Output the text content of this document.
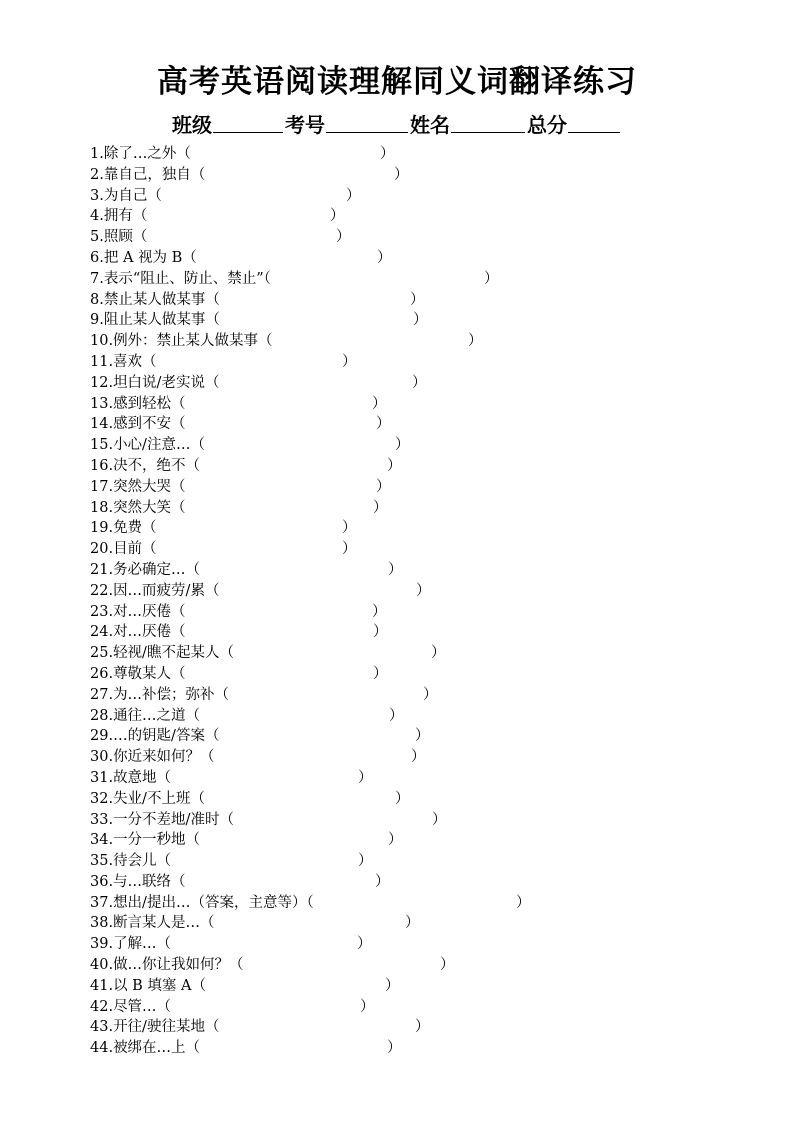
高考英语阅读理解同义词翻译练习
班级	考号	姓名	总分
1.除了…之外（	）
2.靠自己，独自（	）
3.为自己（	）
4.拥有（	）
5.照顾（	）
6.把 A 视为 B（	）
7.表示“阻止、防止、禁止”（	）
8.禁止某人做某事（	）
9.阻止某人做某事（	）
10.例外：禁止某人做某事（	）
11.喜欢（	）
12.坦白说/老实说（	）
13.感到轻松（	）
14.感到不安（	）
15.小心/注意…（	）
16.决不，绝不（	）
17.突然大哭（	）
18.突然大笑（	）
19.免费（	）
20.目前（	）
21.务必确定…（	）
22.因…而疲劳/累（	）
23.对…厌倦（	）
24.对…厌倦（	）
25.轻视/瞧不起某人（	）
26.尊敬某人（	）
27.为…补偿；弥补（	）
28.通往…之道（	）
29.…的钥匙/答案（	）
30.你近来如何？（	）
31.故意地（	）
32.失业/不上班（	）
33.一分不差地/准时（	）
34.一分一秒地（	）
35.待会儿（	）
36.与…联络（	）
37.想出/提出…（答案，主意等）（	）
38.断言某人是…（	）
39.了解…（	）
40.做…你让我如何？（	）
41.以 B 填塞 A（	）
42.尽管…（	）
43.开往/驶往某地（	）
44.被绑在…上（	）
